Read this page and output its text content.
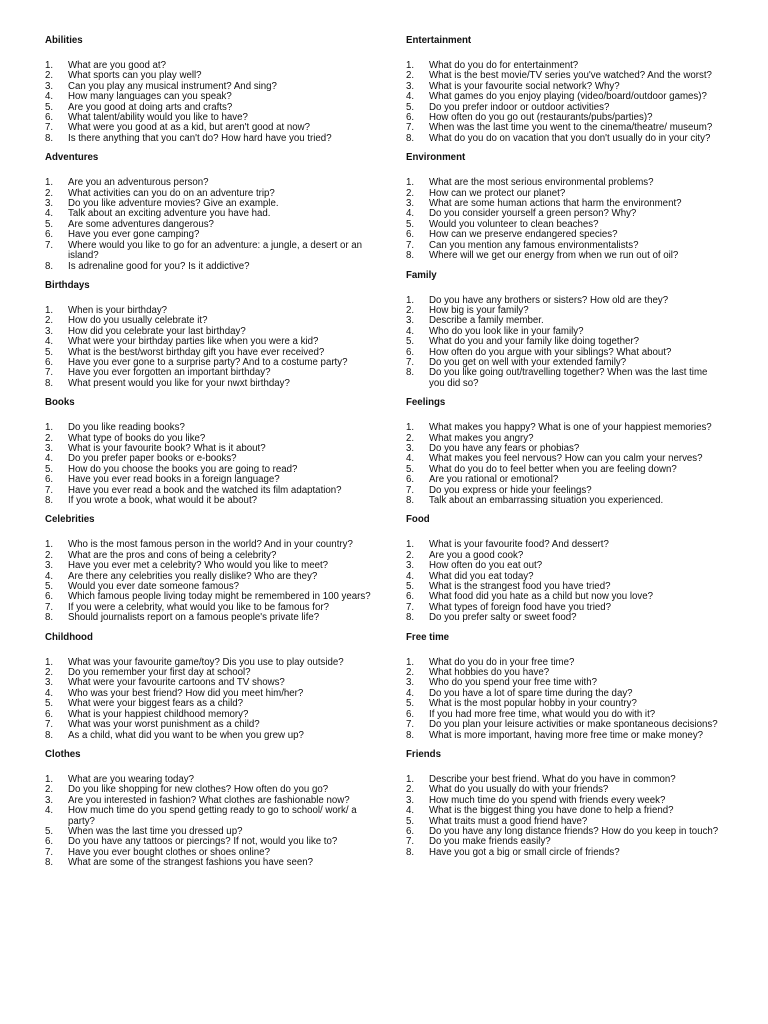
Abilities
1. What are you good at?
2. What sports can you play well?
3. Can you play any musical instrument? And sing?
4. How many languages can you speak?
5. Are you good at doing arts and crafts?
6. What talent/ability would you like to have?
7. What were you good at as a kid, but aren't good at now?
8. Is there anything that you can't do? How hard have you tried?
Adventures
1. Are you an adventurous person?
2. What activities can you do on an adventure trip?
3. Do you like adventure movies? Give an example.
4. Talk about an exciting adventure you have had.
5. Are some adventures dangerous?
6. Have you ever gone camping?
7. Where would you like to go for an adventure: a jungle, a desert or an island?
8. Is adrenaline good for you? Is it addictive?
Birthdays
1. When is your birthday?
2. How do you usually celebrate it?
3. How did you celebrate your last birthday?
4. What were your birthday parties like when you were a kid?
5. What is the best/worst birthday gift you have ever received?
6. Have you ever gone to a surprise party? And to a costume party?
7. Have you ever forgotten an important birthday?
8. What present would you like for your nwxt birthday?
Books
1. Do you like reading books?
2. What type of books do you like?
3. What is your favourite book? What is it about?
4. Do you prefer paper books or e-books?
5. How do you choose the books you are going to read?
6. Have you ever read books in a foreign language?
7. Have you ever read a book and the watched its film adaptation?
8. If you wrote a book, what would it be about?
Celebrities
1. Who is the most famous person in the world? And in your country?
2. What are the pros and cons of being a celebrity?
3. Have you ever met a celebrity? Who would you like to meet?
4. Are there any celebrities you really dislike? Who are they?
5. Would you ever date someone famous?
6. Which famous people living today might be remembered in 100 years?
7. If you were a celebrity, what would you like to be famous for?
8. Should journalists report on a famous people's private life?
Childhood
1. What was your favourite game/toy? Dis you use to play outside?
2. Do you remember your first day at school?
3. What were your favourite cartoons and TV shows?
4. Who was your best friend? How did you meet him/her?
5. What were your biggest fears as a child?
6. What is your happiest childhood memory?
7. What was your worst punishment as a child?
8. As a child, what did you want to be when you grew up?
Clothes
1. What are you wearing today?
2. Do you like shopping for new clothes? How often do you go?
3. Are you interested in fashion? What clothes are fashionable now?
4. How much time do you spend getting ready to go to school/ work/ a party?
5. When was the last time you dressed up?
6. Do you have any tattoos or piercings? If not, would you like to?
7. Have you ever bought clothes or shoes online?
8. What are some of the strangest fashions you have seen?
Entertainment
1. What do you do for entertainment?
2. What is the best movie/TV series you've watched? And the worst?
3. What is your favourite social network? Why?
4. What games do you enjoy playing (video/board/outdoor games)?
5. Do you prefer indoor or outdoor activities?
6. How often do you go out (restaurants/pubs/parties)?
7. When was the last time you went to the cinema/theatre/ museum?
8. What do you do on vacation that you don't usually do in your city?
Environment
1. What are the most serious environmental problems?
2. How can we protect our planet?
3. What are some human actions that harm the environment?
4. Do you consider yourself a green person? Why?
5. Would you volunteer to clean beaches?
6. How can we preserve endangered species?
7. Can you mention any famous environmentalists?
8. Where will we get our energy from when we run out of oil?
Family
1. Do you have any brothers or sisters? How old are they?
2. How big is your family?
3. Describe a family member.
4. Who do you look like in your family?
5. What do you and your family like doing together?
6. How often do you argue with your siblings? What about?
7. Do you get on well with your extended family?
8. Do you like going out/travelling together? When was the last time you did so?
Feelings
1. What makes you happy? What is one of your happiest memories?
2. What makes you angry?
3. Do you have any fears or phobias?
4. What makes you feel nervous? How can you calm your nerves?
5. What do you do to feel better when you are feeling down?
6. Are you rational or emotional?
7. Do you express or hide your feelings?
8. Talk about an embarrassing situation you experienced.
Food
1. What is your favourite food? And dessert?
2. Are you a good cook?
3. How often do you eat out?
4. What did you eat today?
5. What is the strangest food you have tried?
6. What food did you hate as a child but now you love?
7. What types of foreign food have you tried?
8. Do you prefer salty or sweet food?
Free time
1. What do you do in your free time?
2. What hobbies do you have?
3. Who do you spend your free time with?
4. Do you have a lot of spare time during the day?
5. What is the most popular hobby in your country?
6. If you had more free time, what would you do with it?
7. Do you plan your leisure activities or make spontaneous decisions?
8. What is more important, having more free time or make money?
Friends
1. Describe your best friend. What do you have in common?
2. What do you usually do with your friends?
3. How much time do you spend with friends every week?
4. What is the biggest thing you have done to help a friend?
5. What traits must a good friend have?
6. Do you have any long distance friends? How do you keep in touch?
7. Do you make friends easily?
8. Have you got a big or small circle of friends?
